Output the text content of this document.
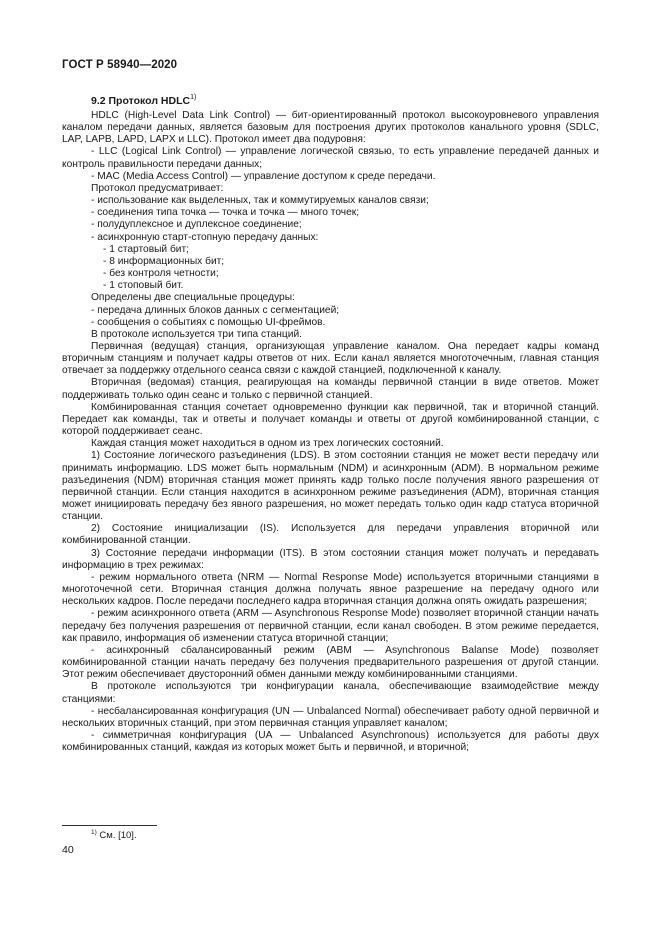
ГОСТ Р 58940—2020
9.2 Протокол HDLC$^{1)}$

HDLC (High-Level Data Link Control) — бит-ориентированный протокол высокоуровневого управления каналом передачи данных, является базовым для построения других протоколов канального уровня (SDLC, LAP, LAPB, LAPD, LAPX и LLC). Протокол имеет два подуровня:

- LLC (Logical Link Control) — управление логической связью, то есть управление передачей данных и контроль правильности передачи данных;

- MAC (Media Access Control) — управление доступом к среде передачи.

Протокол предусматривает:

- использование как выделенных, так и коммутируемых каналов связи;

- соединения типа точка — точка и точка — много точек;

- полудуплексное и дуплексное соединение;

- асинхронную старт-стопную передачу данных:

- 1 стартовый бит;

- 8 информационных бит;

- без контроля четности;

- 1 стоповый бит.

Определены две специальные процедуры:

- передача длинных блоков данных с сегментацией;

- сообщения о событиях с помощью UI-фреймов.

В протоколе используется три типа станций.

Первичная (ведущая) станция, организующая управление каналом. Она передает кадры команд вторичным станциям и получает кадры ответов от них. Если канал является многоточечным, главная станция отвечает за поддержку отдельного сеанса связи с каждой станцией, подключенной к каналу.

Вторичная (ведомая) станция, реагирующая на команды первичной станции в виде ответов. Может поддерживать только один сеанс и только с первичной станцией.

Комбинированная станция сочетает одновременно функции как первичной, так и вторичной станций. Передает как команды, так и ответы и получает команды и ответы от другой комбинированной станции, с которой поддерживает сеанс.

Каждая станция может находиться в одном из трех логических состояний.

1) Состояние логического разъединения (LDS). В этом состоянии станция не может вести передачу или принимать информацию. LDS может быть нормальным (NDM) и асинхронным (ADM). В нормальном режиме разъединения (NDM) вторичная станция может принять кадр только после получения явного разрешения от первичной станции. Если станция находится в асинхронном режиме разъединения (ADM), вторичная станция может инициировать передачу без явного разрешения, но может передать только один кадр статуса вторичной станции.

2) Состояние инициализации (IS). Используется для передачи управления вторичной или комбинированной станции.

3) Состояние передачи информации (ITS). В этом состоянии станция может получать и передавать информацию в трех режимах:

- режим нормального ответа (NRM — Normal Response Mode) используется вторичными станциями в многоточечной сети. Вторичная станция должна получать явное разрешение на передачу одного или нескольких кадров. После передачи последнего кадра вторичная станция должна опять ожидать разрешения;

- режим асинхронного ответа (ARM — Asynchronous Response Mode) позволяет вторичной станции начать передачу без получения разрешения от первичной станции, если канал свободен. В этом режиме передается, как правило, информация об изменении статуса вторичной станции;

- асинхронный сбалансированный режим (ABM — Asynchronous Balanse Mode) позволяет комбинированной станции начать передачу без получения предварительного разрешения от другой станции. Этот режим обеспечивает двусторонний обмен данными между комбинированными станциями.

В протоколе используются три конфигурации канала, обеспечивающие взаимодействие между станциями:

- несбалансированная конфигурация (UN — Unbalanced Normal) обеспечивает работу одной первичной и нескольких вторичных станций, при этом первичная станция управляет каналом;

- симметричная конфигурация (UA — Unbalanced Asynchronous) используется для работы двух комбинированных станций, каждая из которых может быть и первичной, и вторичной;

$^{1)}$ См. [10].
40
